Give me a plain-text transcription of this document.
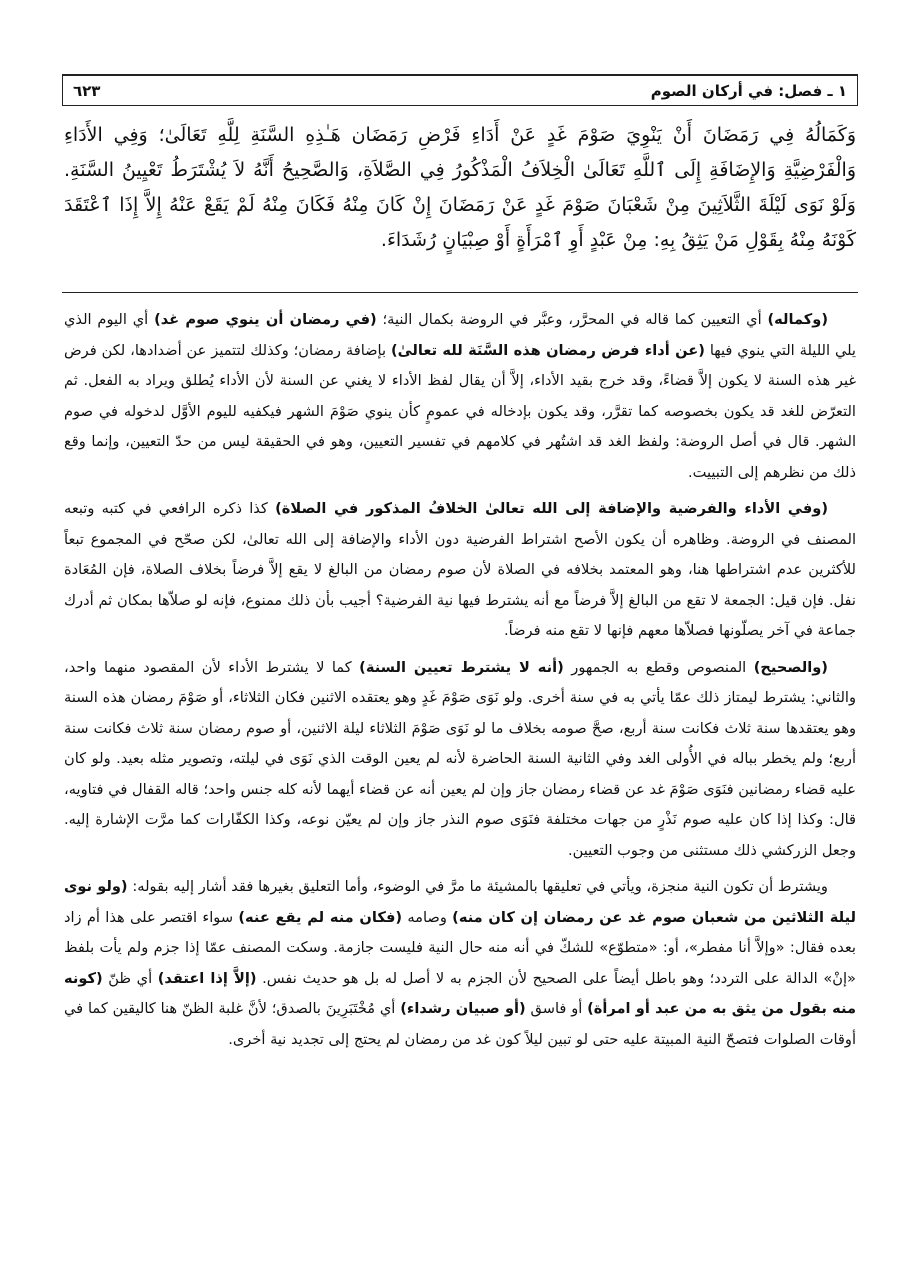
١ ـ فصل: في أركان الصوم
٦٢٣
وَكَمَالُهُ فِي رَمَضَانَ أَنْ يَنْوِيَ صَوْمَ غَدٍ عَنْ أَدَاءِ فَرْضِ رَمَضَان هَـٰذِهِ السَّنَةِ لِلَّهِ تَعَالَىٰ؛ وَفِي الأَدَاءِ وَالْفَرْضِيَّةِ وَالإِضَافَةِ إِلَى ٱللَّهِ تَعَالَىٰ الْخِلاَفُ الْمَذْكُورُ فِي الصَّلاَةِ، وَالصَّحِيحُ أَنَّهُ لاَ يُشْتَرَطُ تَعْيِينُ السَّنَةِ. وَلَوْ نَوَى لَيْلَةَ الثَّلاَثِينَ مِنْ شَعْبَانَ صَوْمَ غَدٍ عَنْ رَمَضَانَ إِنْ كَانَ مِنْهُ فَكَانَ مِنْهُ لَمْ يَقَعْ عَنْهُ إِلاَّ إِذَا ٱعْتَقَدَ كَوْنَهُ مِنْهُ بِقَوْلِ مَنْ يَثِقُ بِهِ: مِنْ عَبْدٍ أَوِ ٱمْرَأَةٍ أَوْ صِبْيَانٍ رُشَدَاءَ.

(وكماله) أي التعيين كما قاله في المحرَّر، وعبَّر في الروضة بكمال النية؛ (في رمضان أن ينوي صوم غد) أي اليوم الذي يلي الليلة التي ينوي فيها (عن أداء فرض رمضان هذه السَّنَة لله تعالىٰ) بإضافة رمضان؛ وكذلك لتتميز عن أضدادها، لكن فرض غير هذه السنة لا يكون إلاَّ قضاءً، وقد خرج بقيد الأداء، إلاَّ أن يقال لفظ الأداء لا يغني عن السنة لأن الأداء يُطلق ويراد به الفعل. ثم التعرّض للغد قد يكون بخصوصه كما تقرَّر، وقد يكون بإدخاله في عمومٍ كأن ينوي صَوْمَ الشهر فيكفيه لليوم الأوَّل لدخوله في صوم الشهر. قال في أصل الروضة: ولفظ الغد قد اشتُهر في كلامهم في تفسير التعيين، وهو في الحقيقة ليس من حدّ التعيين، وإنما وقع ذلك من نظرهم إلى التبييت.

(وفي الأداء والفرضية والإضافة إلى الله تعالىٰ الخلافُ المذكور في الصلاة) كذا ذكره الرافعي في كتبه وتبعه المصنف في الروضة. وظاهره أن يكون الأصح اشتراط الفرضية دون الأداء والإضافة إلى الله تعالىٰ، لكن صحّح في المجموع تبعاً للأكثرين عدم اشتراطها هنا، وهو المعتمد بخلافه في الصلاة لأن صوم رمضان من البالغ لا يقع إلاَّ فرضاً بخلاف الصلاة، فإن المُعَادة نفل. فإن قيل: الجمعة لا تقع من البالغ إلاَّ فرضاً مع أنه يشترط فيها نية الفرضية؟ أجيب بأن ذلك ممنوع، فإنه لو صلاّها بمكان ثم أدرك جماعة في آخر يصلّونها فصلاّها معهم فإنها لا تقع منه فرضاً.

(والصحيح) المنصوص وقطع به الجمهور (أنه لا يشترط تعيين السنة) كما لا يشترط الأداء لأن المقصود منهما واحد، والثاني: يشترط ليمتاز ذلك عمّا يأتي به في سنة أخرى. ولو نَوَى صَوْمَ غَدٍ وهو يعتقده الاثنين فكان الثلاثاء، أو صَوْمَ رمضان هذه السنة وهو يعتقدها سنة ثلاث فكانت سنة أربع، صحَّ صومه بخلاف ما لو نَوَى صَوْمَ الثلاثاء ليلة الاثنين، أو صوم رمضان سنة ثلاث فكانت سنة أربع؛ ولم يخطر بباله في الأُولى الغد وفي الثانية السنة الحاضرة لأنه لم يعين الوقت الذي نَوَى في ليلته، وتصوير مثله بعيد. ولو كان عليه قضاء رمضانين فنَوَى صَوْمَ غد عن قضاء رمضان جاز وإن لم يعين أنه عن قضاء أيهما لأنه كله جنس واحد؛ قاله القفال في فتاويه، قال: وكذا إذا كان عليه صوم نَذْرٍ من جهات مختلفة فنَوَى صوم النذر جاز وإن لم يعيّن نوعه، وكذا الكفّارات كما مرَّت الإشارة إليه. وجعل الزركشي ذلك مستثنى من وجوب التعيين.

ويشترط أن تكون النية منجزة، ويأتي في تعليقها بالمشيئة ما مرَّ في الوضوء، وأما التعليق بغيرها فقد أشار إليه بقوله: (ولو نوى ليلة الثلاثين من شعبان صوم غد عن رمضان إن كان منه) وصامه (فكان منه لم يقع عنه) سواء اقتصر على هذا أم زاد بعده فقال: «وإلاَّ أنا مفطر»، أو: «متطوّع» للشكّ في أنه منه حال النية فليست جازمة. وسكت المصنف عمّا إذا جزم ولم يأت بلفظ «إنْ» الدالة على التردد؛ وهو باطل أيضاً على الصحيح لأن الجزم به لا أصل له بل هو حديث نفس. (إلاَّ إذا اعتقد) أي ظنّ (كونه منه بقول من يثق به من عبد أو امرأة) أو فاسق (أو صبيان رشداء) أي مُخْتَبَرِينَ بالصدق؛ لأنَّ غلبة الظنّ هنا كاليقين كما في أوقات الصلوات فتصحّ النية المبيتة عليه حتى لو تبين ليلاً كون غد من رمضان لم يحتج إلى تجديد نية أخرى.
